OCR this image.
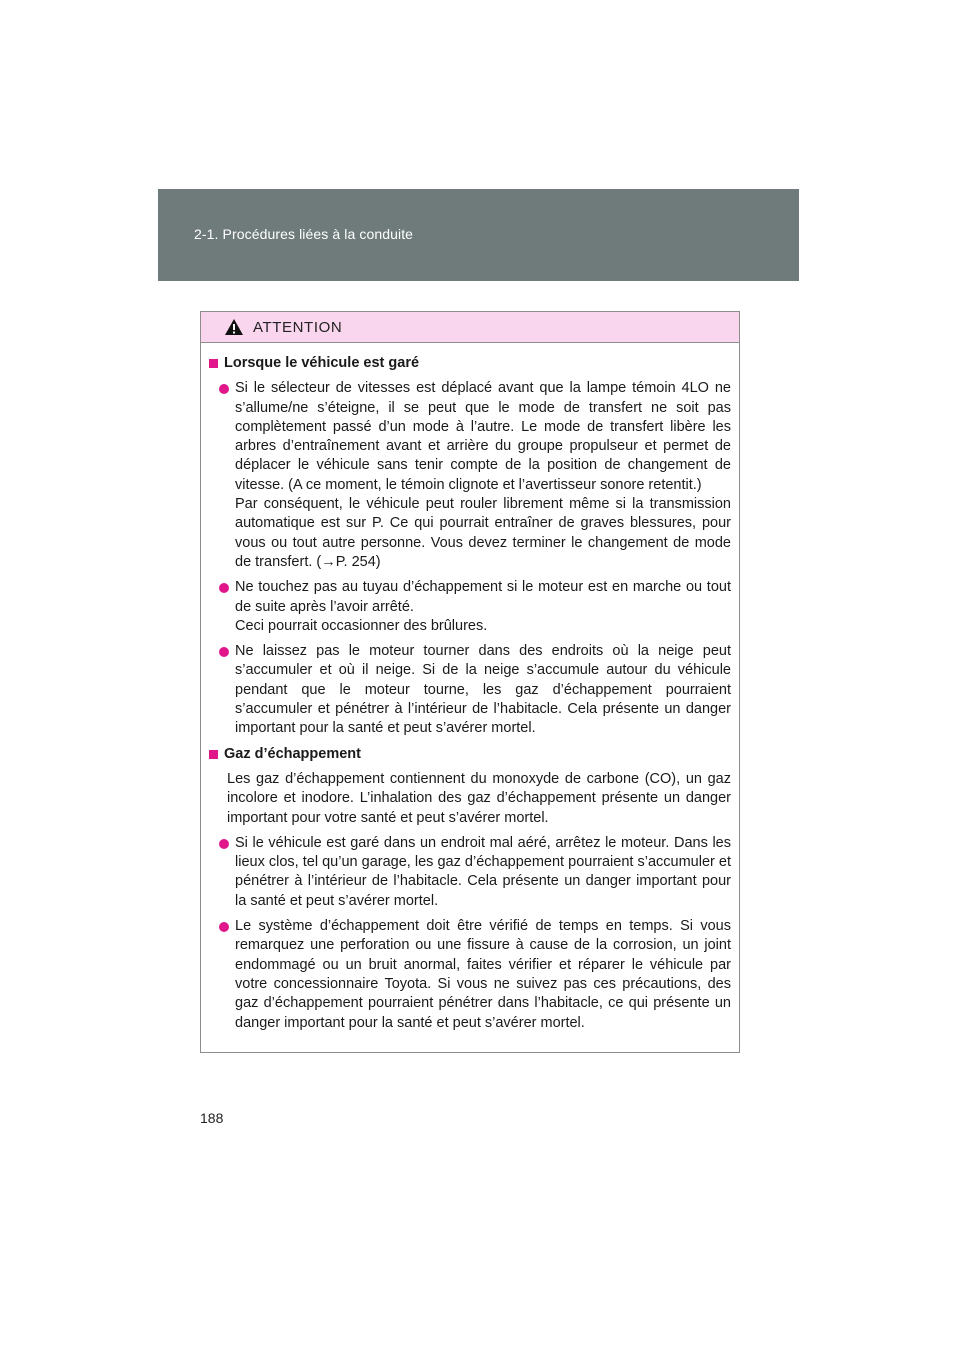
2-1. Procédures liées à la conduite
ATTENTION
Lorsque le véhicule est garé
Si le sélecteur de vitesses est déplacé avant que la lampe témoin 4LO ne s’allume/ne s’éteigne, il se peut que le mode de transfert ne soit pas complètement passé d’un mode à l’autre. Le mode de transfert libère les arbres d’entraînement avant et arrière du groupe propulseur et permet de déplacer le véhicule sans tenir compte de la position de changement de vitesse. (A ce moment, le témoin clignote et l’avertisseur sonore retentit.)
Par conséquent, le véhicule peut rouler librement même si la transmission automatique est sur P. Ce qui pourrait entraîner de graves blessures, pour vous ou tout autre personne. Vous devez terminer le changement de mode de transfert. (→P. 254)
Ne touchez pas au tuyau d’échappement si le moteur est en marche ou tout de suite après l’avoir arrêté.
Ceci pourrait occasionner des brûlures.
Ne laissez pas le moteur tourner dans des endroits où la neige peut s’accumuler et où il neige. Si de la neige s’accumule autour du véhicule pendant que le moteur tourne, les gaz d’échappement pourraient s’accumuler et pénétrer à l’intérieur de l’habitacle. Cela présente un danger important pour la santé et peut s’avérer mortel.
Gaz d’échappement
Les gaz d’échappement contiennent du monoxyde de carbone (CO), un gaz incolore et inodore. L’inhalation des gaz d’échappement présente un danger important pour votre santé et peut s’avérer mortel.
Si le véhicule est garé dans un endroit mal aéré, arrêtez le moteur. Dans les lieux clos, tel qu’un garage, les gaz d’échappement pourraient s’accumuler et pénétrer à l’intérieur de l’habitacle. Cela présente un danger important pour la santé et peut s’avérer mortel.
Le système d’échappement doit être vérifié de temps en temps. Si vous remarquez une perforation ou une fissure à cause de la corrosion, un joint endommagé ou un bruit anormal, faites vérifier et réparer le véhicule par votre concessionnaire Toyota. Si vous ne suivez pas ces précautions, des gaz d’échappement pourraient pénétrer dans l’habitacle, ce qui présente un danger important pour la santé et peut s’avérer mortel.
188
